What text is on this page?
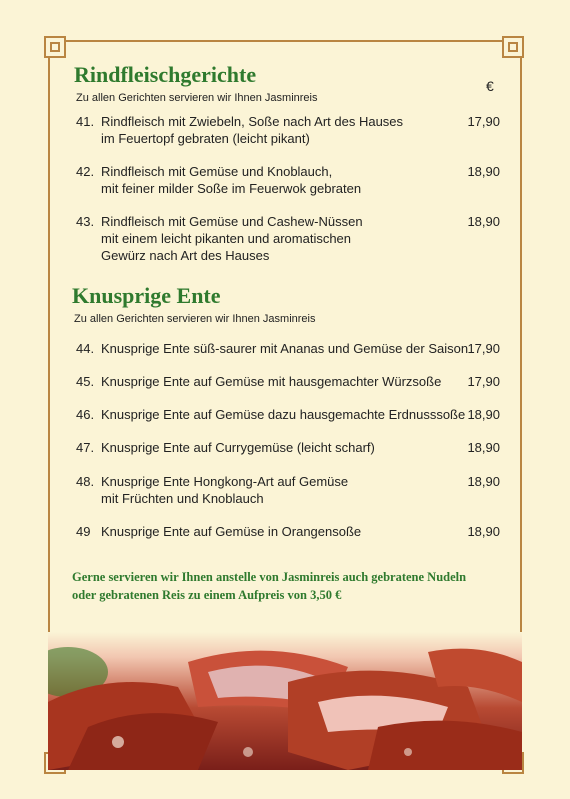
Rindfleischgerichte
Zu allen Gerichten servieren wir Ihnen Jasminreis
€
41. Rindfleisch mit Zwiebeln, Soße nach Art des Hauses
im Feuertopf gebraten (leicht pikant)
17,90
42. Rindfleisch mit Gemüse und Knoblauch,
mit feiner milder Soße im Feuerwok gebraten
18,90
43. Rindfleisch mit Gemüse und Cashew-Nüssen
mit einem leicht pikanten und aromatischen
Gewürz nach Art des Hauses
18,90
Knusprige Ente
Zu allen Gerichten servieren wir Ihnen Jasminreis
44. Knusprige Ente süß-saurer mit Ananas und Gemüse der Saison 17,90
45. Knusprige Ente auf Gemüse mit hausgemachter Würzsoße	17,90
46. Knusprige Ente auf Gemüse dazu hausgemachte Erdnusssoße 18,90
47. Knusprige Ente auf Currygemüse (leicht scharf)	18,90
48. Knusprige Ente Hongkong-Art auf Gemüse
mit Früchten und Knoblauch
18,90
49 Knusprige Ente auf Gemüse in Orangensoße	18,90
Gerne servieren wir Ihnen anstelle von Jasminreis auch gebratene Nudeln
oder gebratenen Reis zu einem Aufpreis von 3,50 €
